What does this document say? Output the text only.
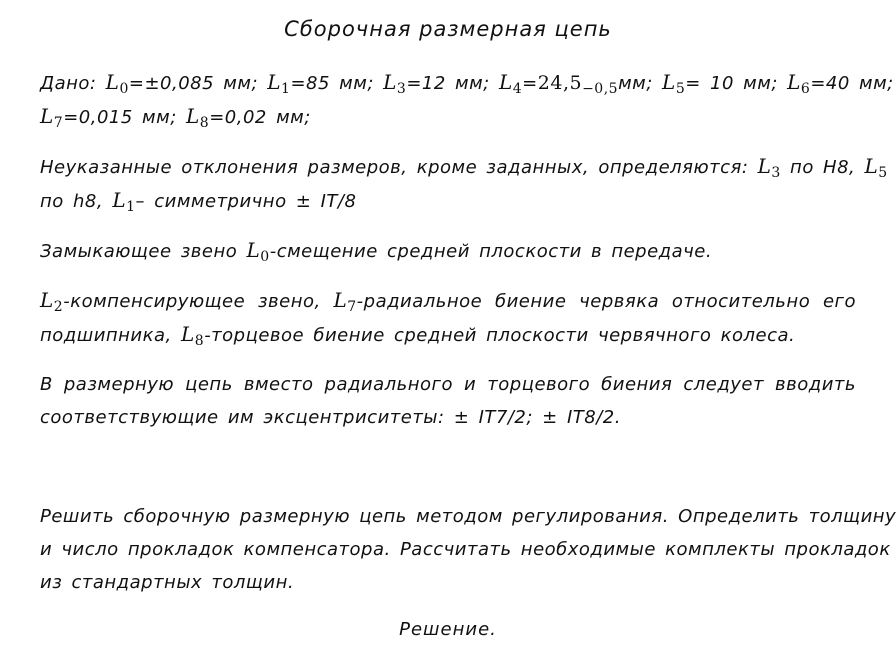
Сборочная размерная цепь
Дано: $L_0=\pm 0,085$ мм; $L_1=85$ мм; $L_3=12$ мм; $L_4=24,5_{-0,5}мм$; $L_5= 10$ мм; $L_6=40$ мм;
$L_7=0,015$ мм; $L_8=0,02$ мм;
Неуказанные отклонения размеров, кроме заданных, определяются: $L_3$ по H8, $L_5$
по h8, $L_1-$ симметрично ± IT/8
Замыкающее звено $L_0$-смещение средней плоскости в передаче.
$L_2$-компенсирующее звено, $L_7$-радиальное биение червяка относительно его
подшипника, $L_8$-торцевое биение средней плоскости червячного колеса.
В размерную цепь вместо радиального и торцевого биения следует вводить
соответствующие им эксцентриситеты: ± IT7/2; ± IT8/2.
Решить сборочную размерную цепь методом регулирования. Определить толщину
и число прокладок компенсатора. Рассчитать необходимые комплекты прокладок
из стандартных толщин.
Решение.
